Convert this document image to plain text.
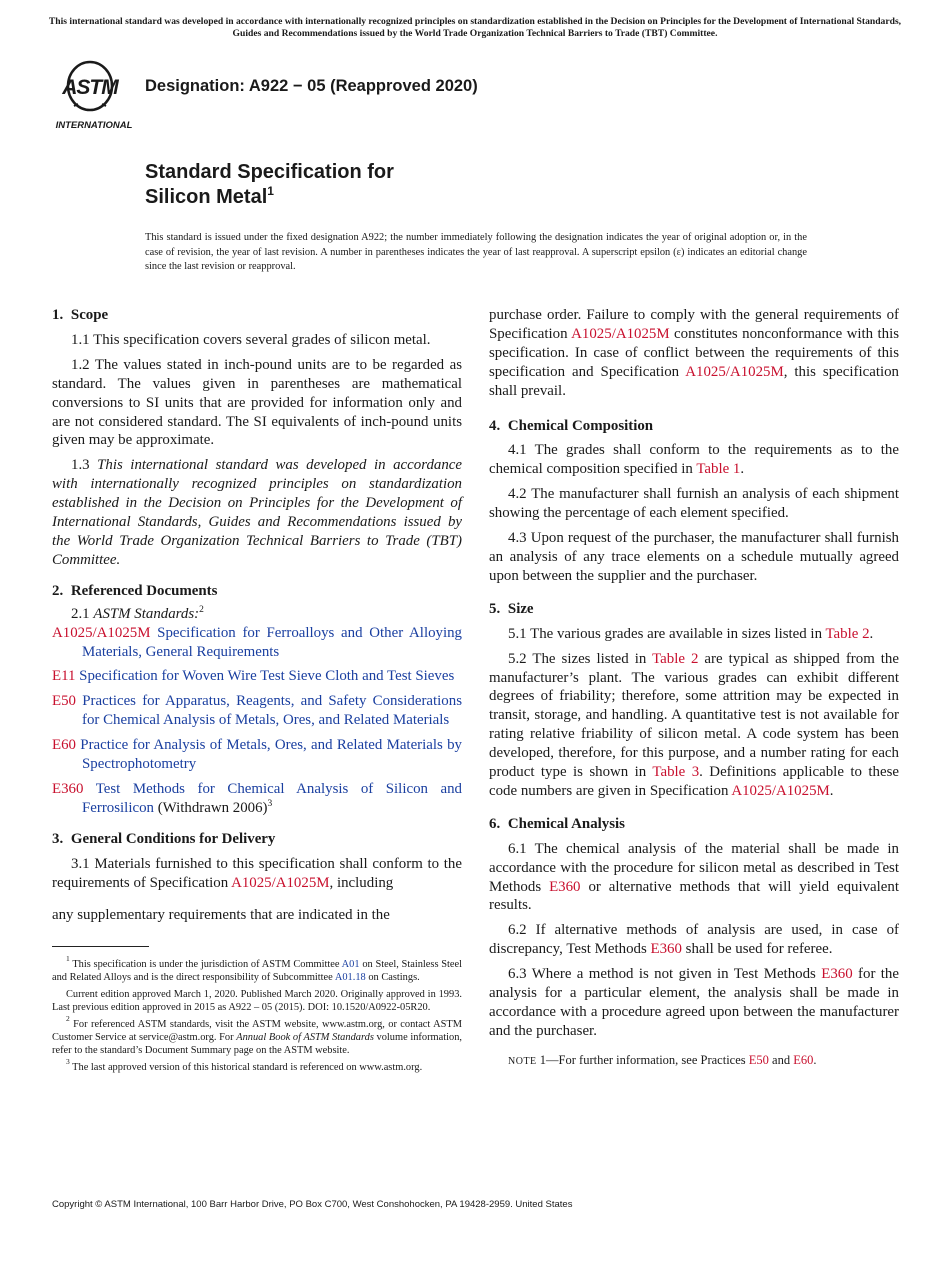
This international standard was developed in accordance with internationally recognized principles on standardization established in the Decision on Principles for the Development of International Standards, Guides and Recommendations issued by the World Trade Organization Technical Barriers to Trade (TBT) Committee.
ASTM
INTERNATIONAL
Designation: A922 − 05 (Reapproved 2020)
Standard Specification for
Silicon Metal$^1$
This standard is issued under the fixed designation A922; the number immediately following the designation indicates the year of original adoption or, in the case of revision, the year of last revision. A number in parentheses indicates the year of last reapproval. A superscript epsilon (ε) indicates an editorial change since the last revision or reapproval.
1. Scope

1.1 This specification covers several grades of silicon metal.

1.2 The values stated in inch-pound units are to be regarded as standard. The values given in parentheses are mathematical conversions to SI units that are provided for information only and are not considered standard. The SI equivalents of inch-pound units given may be approximate.

1.3 This international standard was developed in accordance with internationally recognized principles on standardization established in the Decision on Principles for the Development of International Standards, Guides and Recommendations issued by the World Trade Organization Technical Barriers to Trade (TBT) Committee.

2. Referenced Documents

2.1 ASTM Standards:$^2$

A1025/A1025M Specification for Ferroalloys and Other Alloying Materials, General Requirements

E11 Specification for Woven Wire Test Sieve Cloth and Test Sieves

E50 Practices for Apparatus, Reagents, and Safety Considerations for Chemical Analysis of Metals, Ores, and Related Materials

E60 Practice for Analysis of Metals, Ores, and Related Materials by Spectrophotometry

E360 Test Methods for Chemical Analysis of Silicon and Ferrosilicon (Withdrawn 2006)$^3$

3. General Conditions for Delivery

3.1 Materials furnished to this specification shall conform to the requirements of Specification A1025/A1025M, including

any supplementary requirements that are indicated in the

$^1$ This specification is under the jurisdiction of ASTM Committee A01 on Steel, Stainless Steel and Related Alloys and is the direct responsibility of Subcommittee A01.18 on Castings.

Current edition approved March 1, 2020. Published March 2020. Originally approved in 1993. Last previous edition approved in 2015 as A922 – 05 (2015). DOI: 10.1520/A0922-05R20.

$^2$ For referenced ASTM standards, visit the ASTM website, www.astm.org, or contact ASTM Customer Service at service@astm.org. For Annual Book of ASTM Standards volume information, refer to the standard’s Document Summary page on the ASTM website.

$^3$ The last approved version of this historical standard is referenced on www.astm.org.

purchase order. Failure to comply with the general requirements of Specification A1025/A1025M constitutes nonconformance with this specification. In case of conflict between the requirements of this specification and Specification A1025/A1025M, this specification shall prevail.

4. Chemical Composition

4.1 The grades shall conform to the requirements as to the chemical composition specified in Table 1.

4.2 The manufacturer shall furnish an analysis of each shipment showing the percentage of each element specified.

4.3 Upon request of the purchaser, the manufacturer shall furnish an analysis of any trace elements on a schedule mutually agreed upon between the supplier and the purchaser.

5. Size

5.1 The various grades are available in sizes listed in Table 2.

5.2 The sizes listed in Table 2 are typical as shipped from the manufacturer’s plant. The various grades can exhibit different degrees of friability; therefore, some attrition may be expected in transit, storage, and handling. A quantitative test is not available for rating relative friability of silicon metal. A code system has been developed, therefore, for this purpose, and a number rating for each product type is shown in Table 3. Definitions applicable to these code numbers are given in Specification A1025/A1025M.

6. Chemical Analysis

6.1 The chemical analysis of the material shall be made in accordance with the procedure for silicon metal as described in Test Methods E360 or alternative methods that will yield equivalent results.

6.2 If alternative methods of analysis are used, in case of discrepancy, Test Methods E360 shall be used for referee.

6.3 Where a method is not given in Test Methods E360 for the analysis for a particular element, the analysis shall be made in accordance with a procedure agreed upon between the manufacturer and the purchaser.

NOTE 1—For further information, see Practices E50 and E60.

Copyright © ASTM International, 100 Barr Harbor Drive, PO Box C700, West Conshohocken, PA 19428-2959. United States
